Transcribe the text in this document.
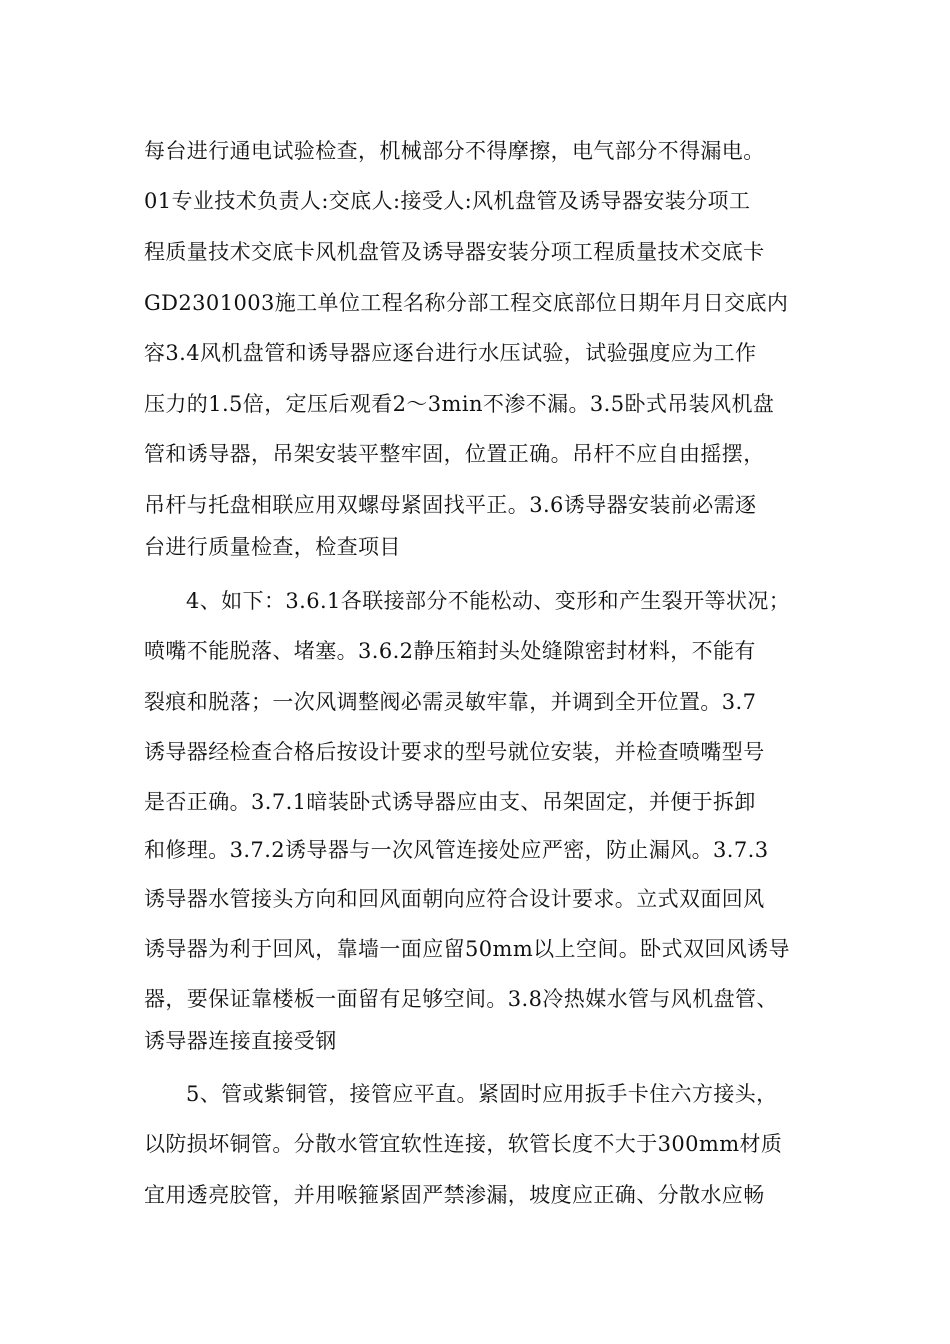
每台进行通电试验检查，机械部分不得摩擦，电气部分不得漏电。
01专业技术负责人:交底人:接受人:风机盘管及诱导器安装分项工
程质量技术交底卡风机盘管及诱导器安装分项工程质量技术交底卡
GD2301003施工单位工程名称分部工程交底部位日期年月日交底内
容3.4风机盘管和诱导器应逐台进行水压试验，试验强度应为工作
压力的1.5倍，定压后观看2～3min不渗不漏。3.5卧式吊装风机盘
管和诱导器，吊架安装平整牢固，位置正确。吊杆不应自由摇摆，
吊杆与托盘相联应用双螺母紧固找平正。3.6诱导器安装前必需逐
台进行质量检查，检查项目
4、如下：3.6.1各联接部分不能松动、变形和产生裂开等状况；
喷嘴不能脱落、堵塞。3.6.2静压箱封头处缝隙密封材料，不能有
裂痕和脱落；一次风调整阀必需灵敏牢靠，并调到全开位置。3.7
诱导器经检查合格后按设计要求的型号就位安装，并检查喷嘴型号
是否正确。3.7.1暗装卧式诱导器应由支、吊架固定，并便于拆卸
和修理。3.7.2诱导器与一次风管连接处应严密，防止漏风。3.7.3
诱导器水管接头方向和回风面朝向应符合设计要求。立式双面回风
诱导器为利于回风，靠墙一面应留50mm以上空间。卧式双回风诱导
器，要保证靠楼板一面留有足够空间。3.8冷热媒水管与风机盘管、
诱导器连接直接受钢
5、管或紫铜管，接管应平直。紧固时应用扳手卡住六方接头，
以防损坏铜管。分散水管宜软性连接，软管长度不大于300mm材质
宜用透亮胶管，并用喉箍紧固严禁渗漏，坡度应正确、分散水应畅
